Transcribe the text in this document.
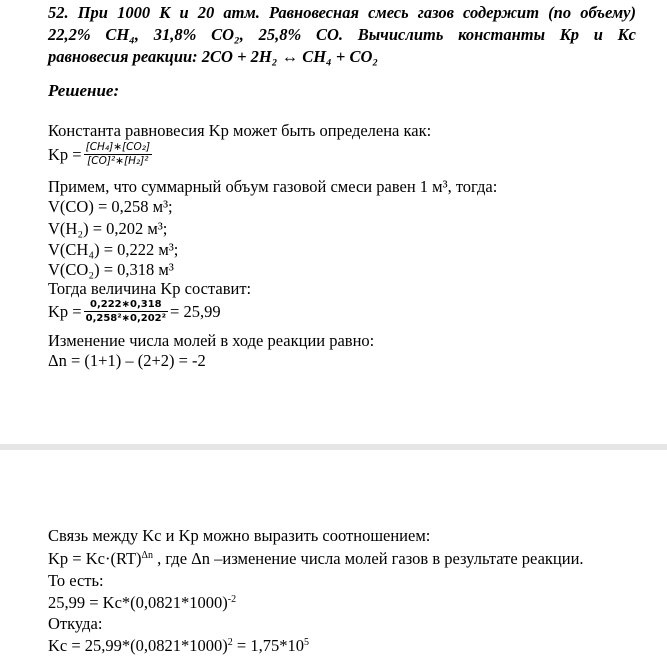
52. При 1000 К и 20 атм. Равновесная смесь газов содержит (по объему)
22,2% CH₄, 31,8% CO₂, 25,8% CO. Вычислить константы Kp и Kc
равновесия реакции: 2CO + 2H₂ ↔ CH₄ + CO₂
Решение:
Константа равновесия Kp может быть определена как:
$Kp = \frac{\text{[CH₄]∗[CO₂]}}{\text{[CO]²∗[H₂]²}}$
Примем, что суммарный объум газовой смеси равен 1 м³, тогда:
V(CO) = 0,258 м³;
V(H₂) = 0,202 м³;
V(CH₄) = 0,222 м³;
V(CO₂) = 0,318 м³
Тогда величина Kp составит:
$Kp = \frac{0,222∗0,318}{\text{0,258²∗0,202²}} = 25,99$
Изменение числа молей в ходе реакции равно:
Δn = (1+1) – (2+2) = -2
Связь между Kc и Kp можно выразить соотношением:
Kp = Kc·(RT)$^{\Delta n}$ , где Δn –изменение числа молей газов в результате реакции.
То есть:
$25,99 = Kc*(0,0821*1000)^{-2}$
Откуда:
$Kc = 25,99*(0,0821*1000)^2 = 1,75*10^5$
